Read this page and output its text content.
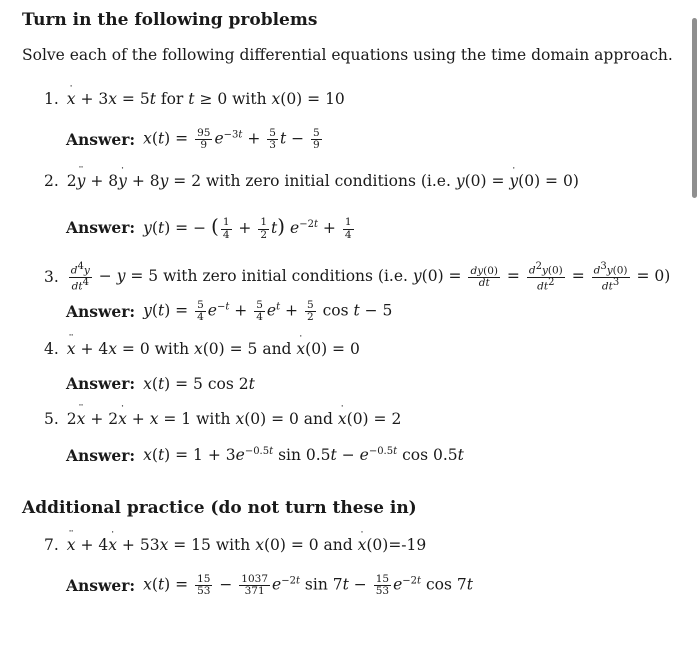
Turn in the following problems
Solve each of the following differential equations using the time domain approach.
1. x ˙ + 3x = 5t for t ≥ 0 with x(0) = 10
Answer: $x(t) = \frac{95}{9} e^{-3t} + \frac{5}{3}$ $t - \frac{5}{9}$
2. 2y ¨ + 8y ˙ + 8y = 2 with zero initial conditions (i.e. y(0) = y ˙(0) = 0)
Answer: y(t) = − ( $\frac{1}{4} + \frac{1}{2} t$) $e^{-2t} + \frac{1}{4}$
3. $\frac{d^4y}{dt^4} - y = 5$ with zero initial conditions (i.e. $y(0) = \frac{dy(0)}{dt} = \frac{d^2y(0)}{dt^2} = \frac{d^3y(0)}{dt^3} = 0$)
Answer: $y(t) = \frac{5}{4} e^{-t} + \frac{5}{4} e^t + \frac{5}{2}$ cos t − 5
4. x ¨ + 4x = 0 with x(0) = 5 and x ˙(0) = 0
Answer: x(t) = 5 cos 2t
5. 2x ¨ + 2x ˙ + x = 1 with x(0) = 0 and x ˙(0) = 2
Answer: $x(t) = 1 + 3e^{-0.5t}$ $\sin 0.5t - e^{-0.5t}$ cos 0.5t
Additional practice (do not turn these in)
7. x ¨ + 4x ˙ + 53x = 15 with x(0) = 0 and x ˙(0)=-19
Answer: $x(t) = \frac{15}{53} - \frac{1037}{371} e^{-2t}$ $\sin 7t - \frac{15}{53} e^{-2t}$ cos 7t
